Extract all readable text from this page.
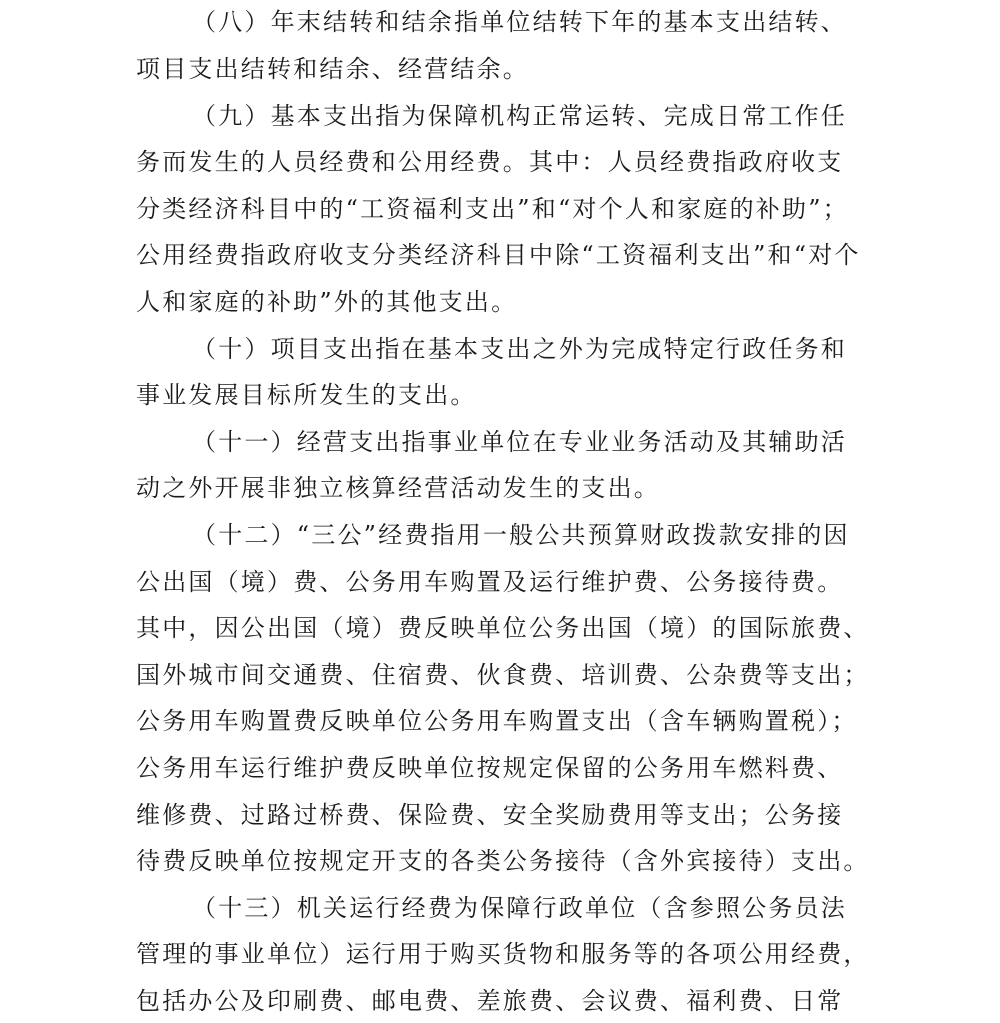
（八）年末结转和结余指单位结转下年的基本支出结转、
项目支出结转和结余、经营结余。
（九）基本支出指为保障机构正常运转、完成日常工作任
务而发生的人员经费和公用经费。其中：人员经费指政府收支
分类经济科目中的“工资福利支出”和“对个人和家庭的补助”；
公用经费指政府收支分类经济科目中除“工资福利支出”和“对个
人和家庭的补助”外的其他支出。
（十）项目支出指在基本支出之外为完成特定行政任务和
事业发展目标所发生的支出。
（十一）经营支出指事业单位在专业业务活动及其辅助活
动之外开展非独立核算经营活动发生的支出。
（十二）“三公”经费指用一般公共预算财政拨款安排的因
公出国（境）费、公务用车购置及运行维护费、公务接待费。
其中，因公出国（境）费反映单位公务出国（境）的国际旅费、
国外城市间交通费、住宿费、伙食费、培训费、公杂费等支出；
公务用车购置费反映单位公务用车购置支出（含车辆购置税）；
公务用车运行维护费反映单位按规定保留的公务用车燃料费、
维修费、过路过桥费、保险费、安全奖励费用等支出；公务接
待费反映单位按规定开支的各类公务接待（含外宾接待）支出。
（十三）机关运行经费为保障行政单位（含参照公务员法
管理的事业单位）运行用于购买货物和服务等的各项公用经费，
包括办公及印刷费、邮电费、差旅费、会议费、福利费、日常
